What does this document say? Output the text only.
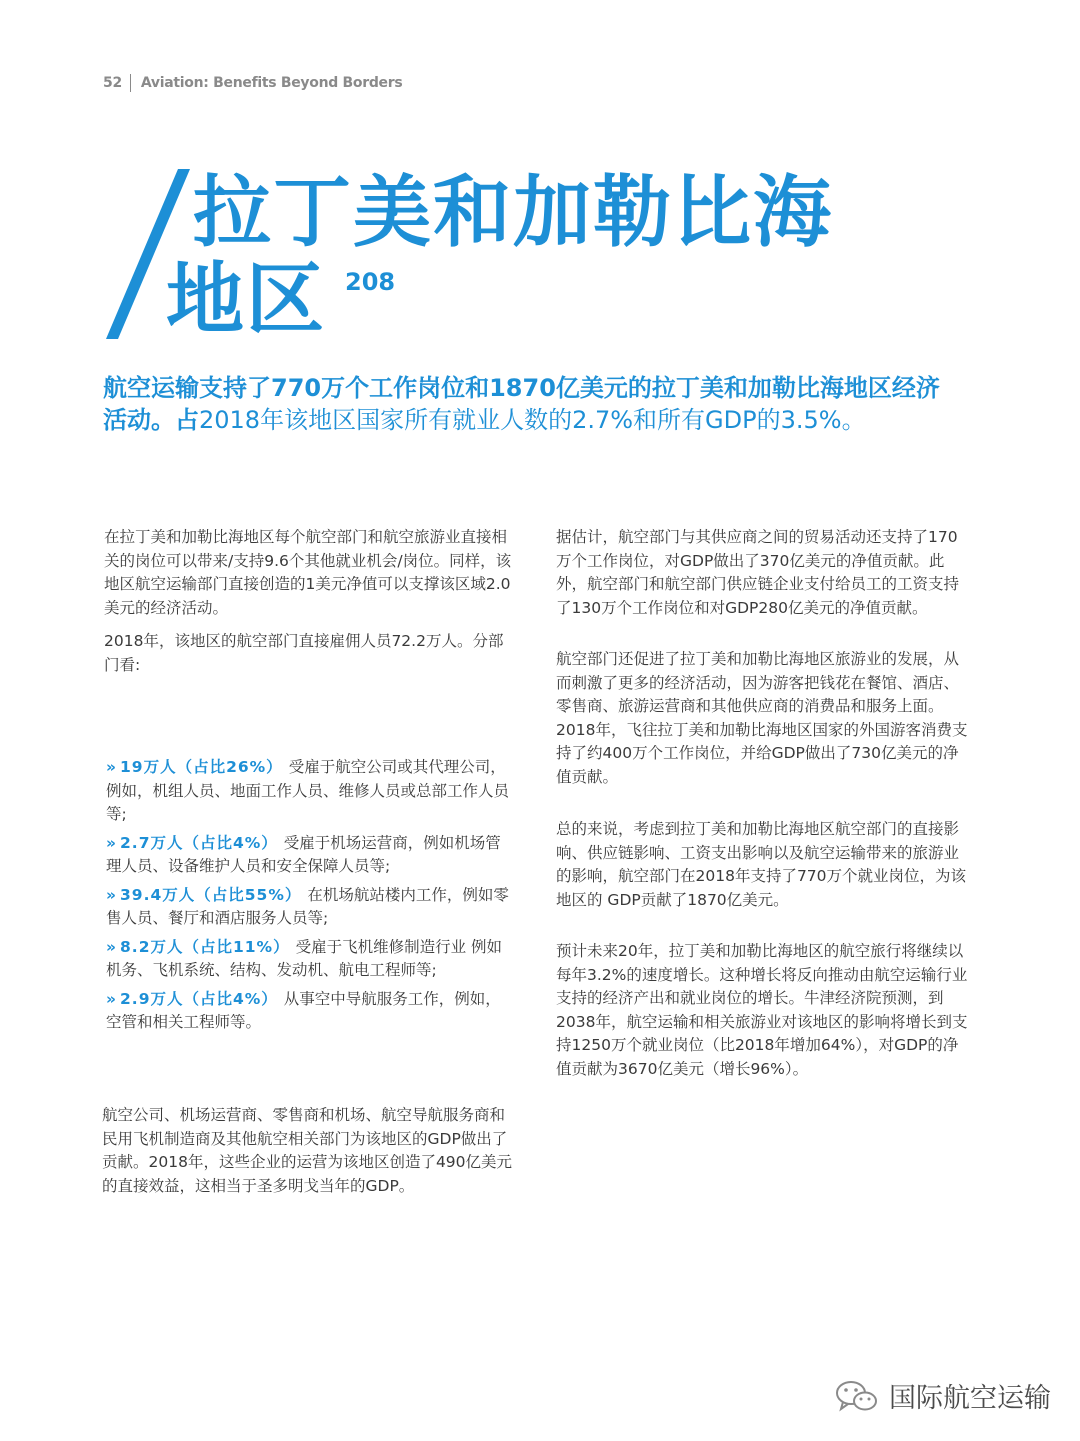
52 Aviation: Benefits Beyond Borders
拉丁美和加勒比海
地区 208
航空运输支持了770万个工作岗位和1870亿美元的拉丁美和加勒比海地区经济活动。占2018年该地区国家所有就业人数的2.7%和所有GDP的3.5%。

在拉丁美和加勒比海地区每个航空部门和航空旅游业直接相关的岗位可以带来/支持9.6个其他就业机会/岗位。同样，该地区航空运输部门直接创造的1美元净值可以支撑该区域2.0美元的经济活动。

2018年，该地区的航空部门直接雇佣人员72.2万人。分部门看:

» 19万人（占比26%） 受雇于航空公司或其代理公司，例如，机组人员、地面工作人员、维修人员或总部工作人员等;
» 2.7万人（占比4%） 受雇于机场运营商，例如机场管理人员、设备维护人员和安全保障人员等;
» 39.4万人（占比55%） 在机场航站楼内工作，例如零售人员、餐厅和酒店服务人员等;
» 8.2万人（占比11%） 受雇于飞机维修制造行业 例如机务、飞机系统、结构、发动机、航电工程师等;
» 2.9万人（占比4%） 从事空中导航服务工作，例如，空管和相关工程师等。

航空公司、机场运营商、零售商和机场、航空导航服务商和民用飞机制造商及其他航空相关部门为该地区的GDP做出了贡献。2018年，这些企业的运营为该地区创造了490亿美元的直接效益，这相当于圣多明戈当年的GDP。

据估计，航空部门与其供应商之间的贸易活动还支持了170万个工作岗位，对GDP做出了370亿美元的净值贡献。此外，航空部门和航空部门供应链企业支付给员工的工资支持了130万个工作岗位和对GDP280亿美元的净值贡献。

航空部门还促进了拉丁美和加勒比海地区旅游业的发展，从而刺激了更多的经济活动，因为游客把钱花在餐馆、酒店、零售商、旅游运营商和其他供应商的消费品和服务上面。2018年，飞往拉丁美和加勒比海地区国家的外国游客消费支持了约400万个工作岗位，并给GDP做出了730亿美元的净值贡献。

总的来说，考虑到拉丁美和加勒比海地区航空部门的直接影响、供应链影响、工资支出影响以及航空运输带来的旅游业的影响，航空部门在2018年支持了770万个就业岗位，为该地区的 GDP贡献了1870亿美元。

预计未来20年，拉丁美和加勒比海地区的航空旅行将继续以每年3.2%的速度增长。这种增长将反向推动由航空运输行业支持的经济产出和就业岗位的增长。牛津经济院预测，到2038年，航空运输和相关旅游业对该地区的影响将增长到支持1250万个就业岗位（比2018年增加64%），对GDP的净值贡献为3670亿美元（增长96%）。

国际航空运输
